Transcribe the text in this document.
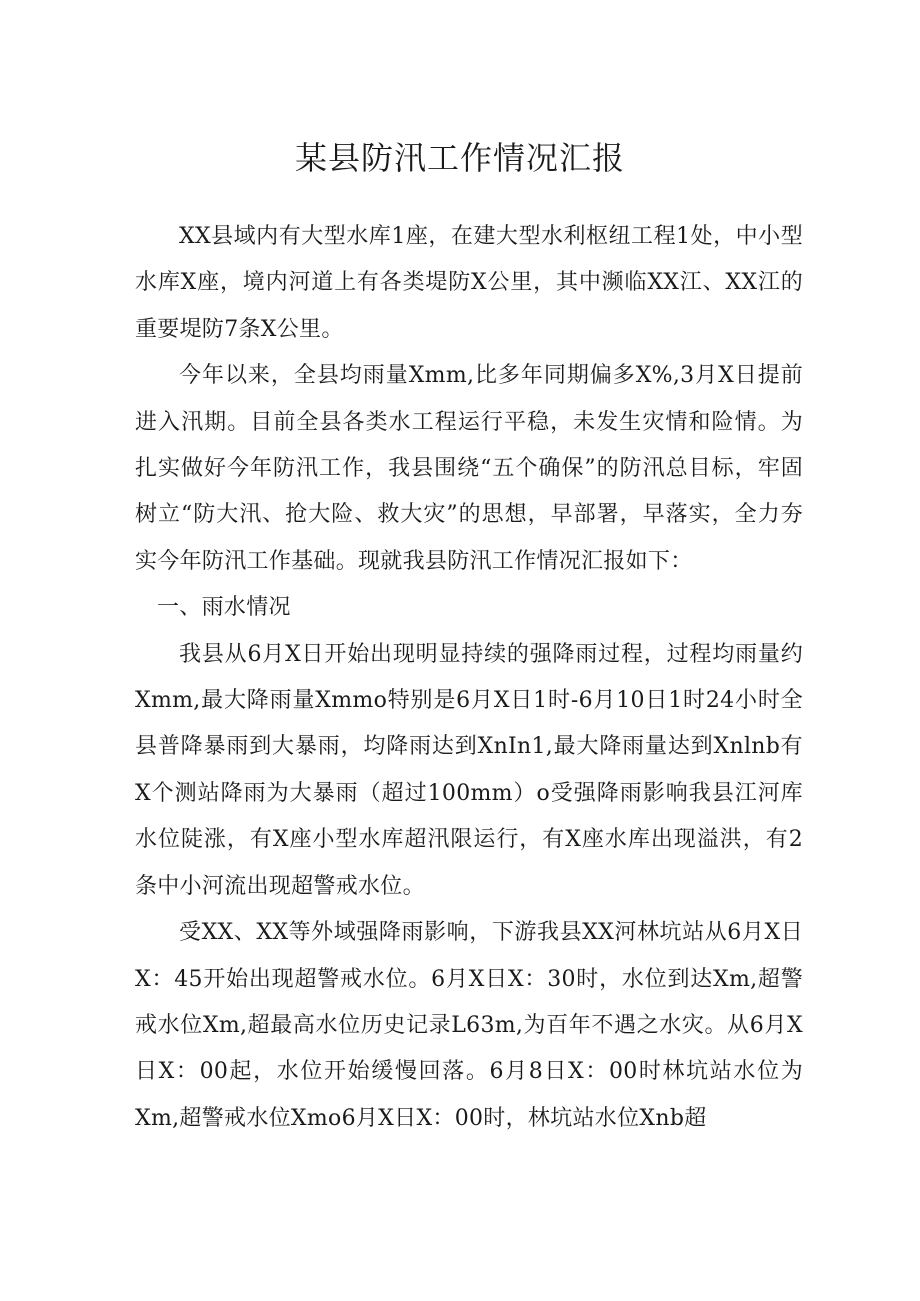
某县防汛工作情况汇报

XX县域内有大型水库1座，在建大型水利枢纽工程1处，中小型水库X座，境内河道上有各类堤防X公里，其中濒临XX江、XX江的重要堤防7条X公里。

今年以来，全县均雨量Xmm,比多年同期偏多X%,3月X日提前进入汛期。目前全县各类水工程运行平稳，未发生灾情和险情。为扎实做好今年防汛工作，我县围绕“五个确保”的防汛总目标，牢固树立“防大汛、抢大险、救大灾”的思想，早部署，早落实，全力夯实今年防汛工作基础。现就我县防汛工作情况汇报如下：

一、雨水情况

我县从6月X日开始出现明显持续的强降雨过程，过程均雨量约Xmm,最大降雨量Xmmo特别是6月X日1时-6月10日1时24小时全县普降暴雨到大暴雨，均降雨达到XnIn1,最大降雨量达到Xnlnb有X个测站降雨为大暴雨（超过100mm）o受强降雨影响我县江河库水位陡涨，有X座小型水库超汛限运行，有X座水库出现溢洪，有2条中小河流出现超警戒水位。

受XX、XX等外域强降雨影响，下游我县XX河林坑站从6月X日X：45开始出现超警戒水位。6月X日X：30时，水位到达Xm,超警戒水位Xm,超最高水位历史记录L63m,为百年不遇之水灾。从6月X日X：00起，水位开始缓慢回落。6月8日X：00时林坑站水位为Xm,超警戒水位Xmo6月X日X：00时，林坑站水位Xnb超
